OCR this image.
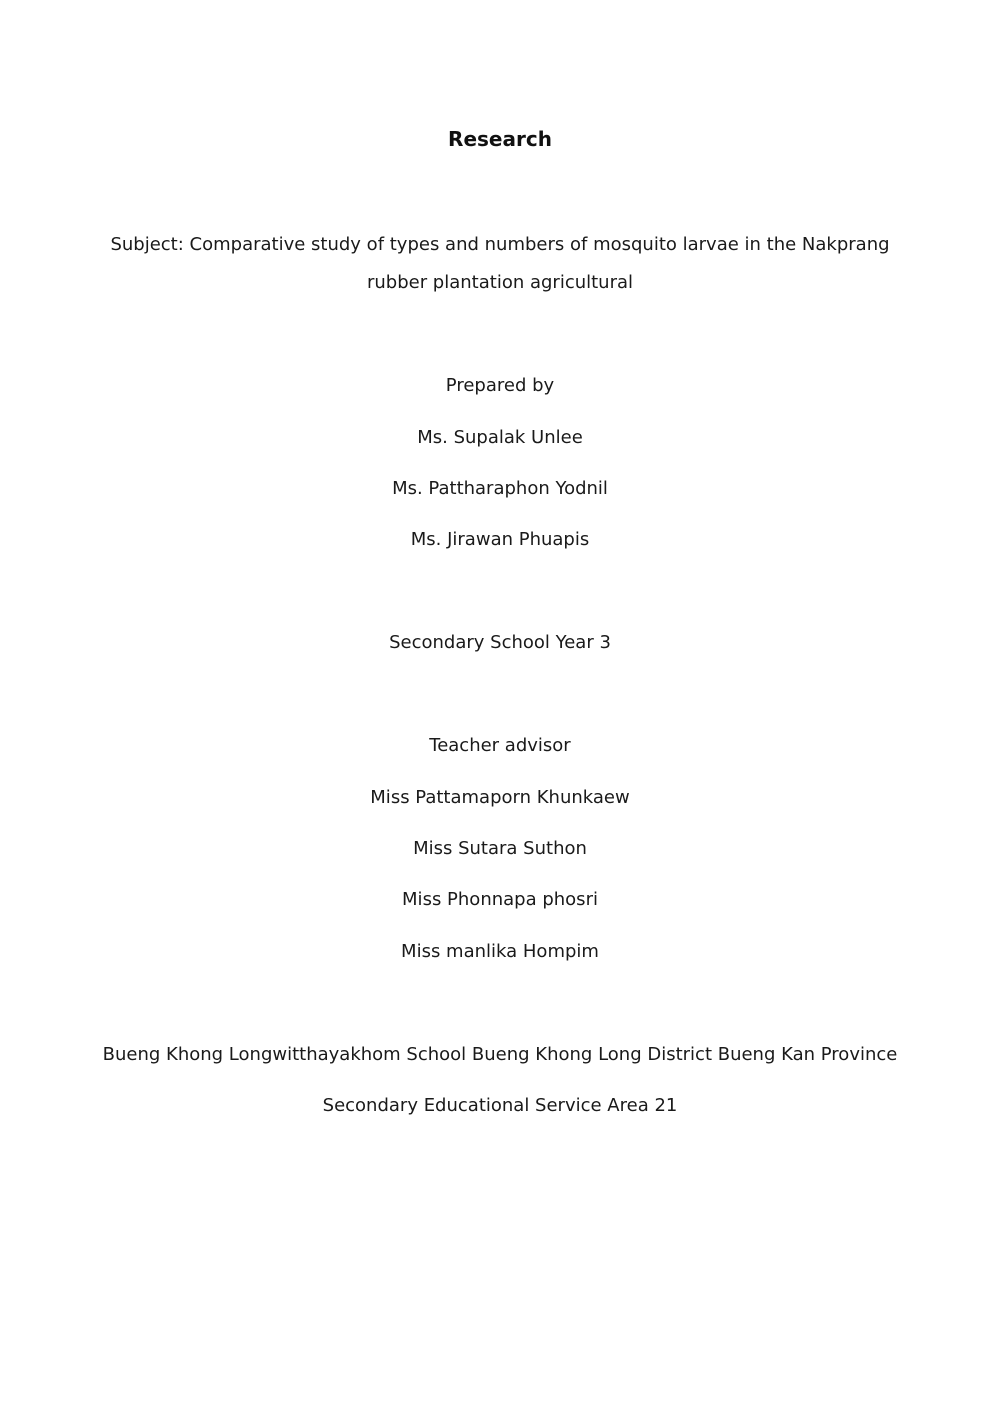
Research
Subject: Comparative study of types and numbers of mosquito larvae in the Nakprang
rubber plantation agricultural
Prepared by
Ms. Supalak Unlee
Ms. Pattharaphon Yodnil
Ms. Jirawan Phuapis
Secondary School Year 3
Teacher advisor
Miss Pattamaporn Khunkaew
Miss Sutara Suthon
Miss Phonnapa phosri
Miss manlika Hompim
Bueng Khong Longwitthayakhom School Bueng Khong Long District Bueng Kan Province
Secondary Educational Service Area 21
